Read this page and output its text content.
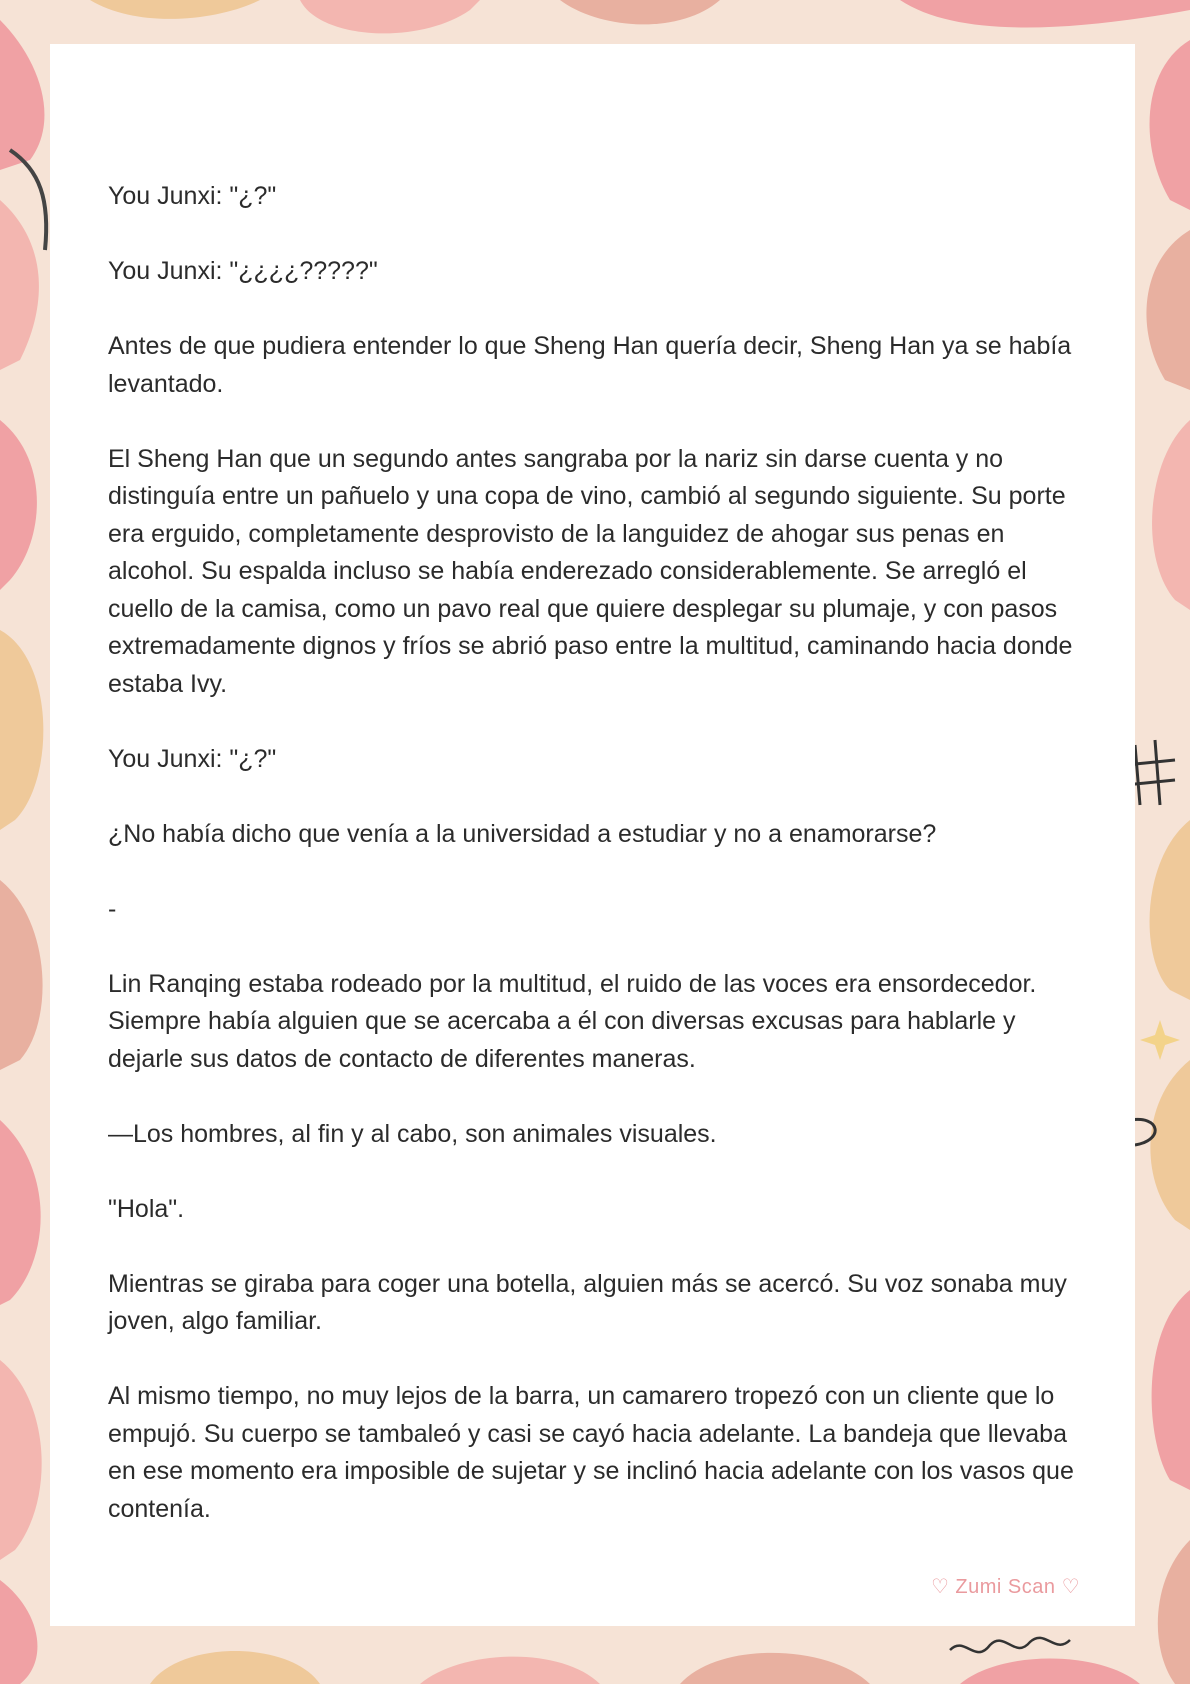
You Junxi: "¿?"

You Junxi: "¿¿¿¿?????"

Antes de que pudiera entender lo que Sheng Han quería decir, Sheng Han ya se había levantado.

El Sheng Han que un segundo antes sangraba por la nariz sin darse cuenta y no distinguía entre un pañuelo y una copa de vino, cambió al segundo siguiente. Su porte era erguido, completamente desprovisto de la languidez de ahogar sus penas en alcohol. Su espalda incluso se había enderezado considerablemente. Se arregló el cuello de la camisa, como un pavo real que quiere desplegar su plumaje, y con pasos extremadamente dignos y fríos se abrió paso entre la multitud, caminando hacia donde estaba Ivy.

You Junxi: "¿?"

¿No había dicho que venía a la universidad a estudiar y no a enamorarse?

-

Lin Ranqing estaba rodeado por la multitud, el ruido de las voces era ensordecedor. Siempre había alguien que se acercaba a él con diversas excusas para hablarle y dejarle sus datos de contacto de diferentes maneras.

—Los hombres, al fin y al cabo, son animales visuales.

"Hola".

Mientras se giraba para coger una botella, alguien más se acercó. Su voz sonaba muy joven, algo familiar.

Al mismo tiempo, no muy lejos de la barra, un camarero tropezó con un cliente que lo empujó. Su cuerpo se tambaleó y casi se cayó hacia adelante. La bandeja que llevaba en ese momento era imposible de sujetar y se inclinó hacia adelante con los vasos que contenía.

♡ Zumi Scan ♡
